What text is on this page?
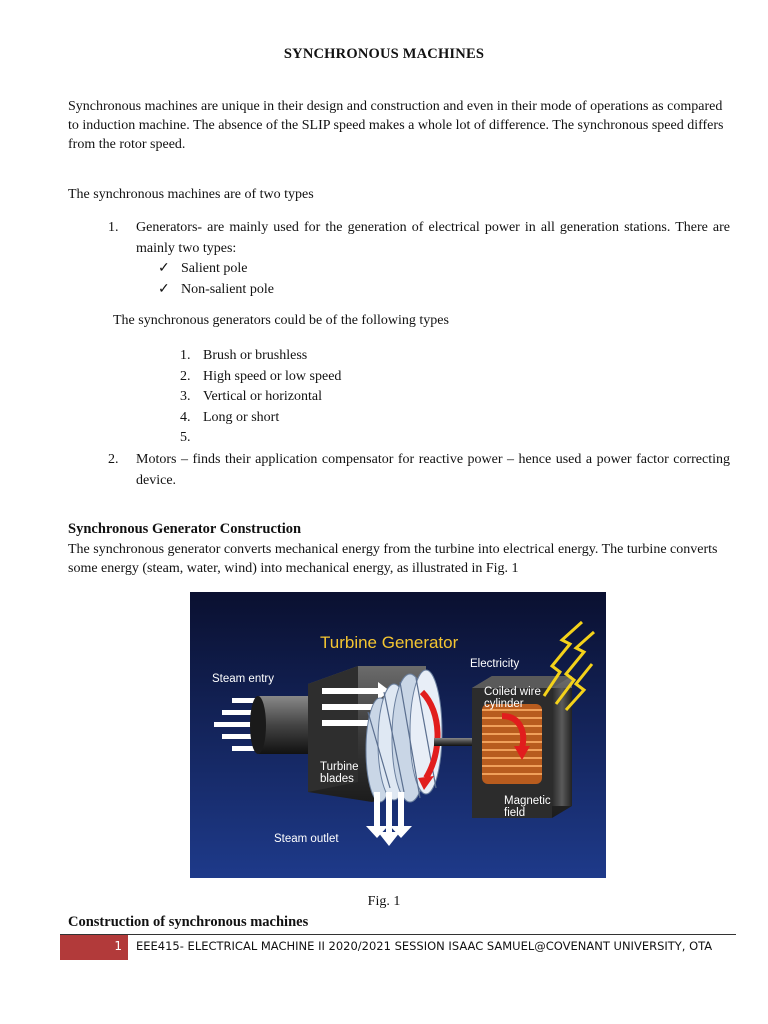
SYNCHRONOUS MACHINES
Synchronous machines are unique in their design and construction and even in their mode of operations as compared to induction machine. The absence of the SLIP speed makes a whole lot of difference. The synchronous speed differs from the rotor speed.
The synchronous machines are of two types
1.	Generators- are mainly used for the generation of electrical power in all generation stations. There are mainly two types:
✓ Salient pole
✓ Non-salient pole
The synchronous generators could be of the following types
1. Brush or brushless
2. High speed or low speed
3. Vertical or horizontal
4. Long or short
5.
2.	Motors – finds their application compensator for reactive power – hence used a power factor correcting device.
Synchronous Generator Construction
The synchronous generator converts mechanical energy from the turbine into electrical energy. The turbine converts some energy (steam, water, wind) into mechanical energy, as illustrated in Fig. 1
Turbine Generator
Electricity
Steam entry
Coiled wire
cylinder
Turbine
blades
Magnetic
field
Steam outlet
Fig. 1
Construction of synchronous machines
1 EEE415- ELECTRICAL MACHINE II 2020/2021 SESSION ISAAC SAMUEL@COVENANT UNIVERSITY, OTA
